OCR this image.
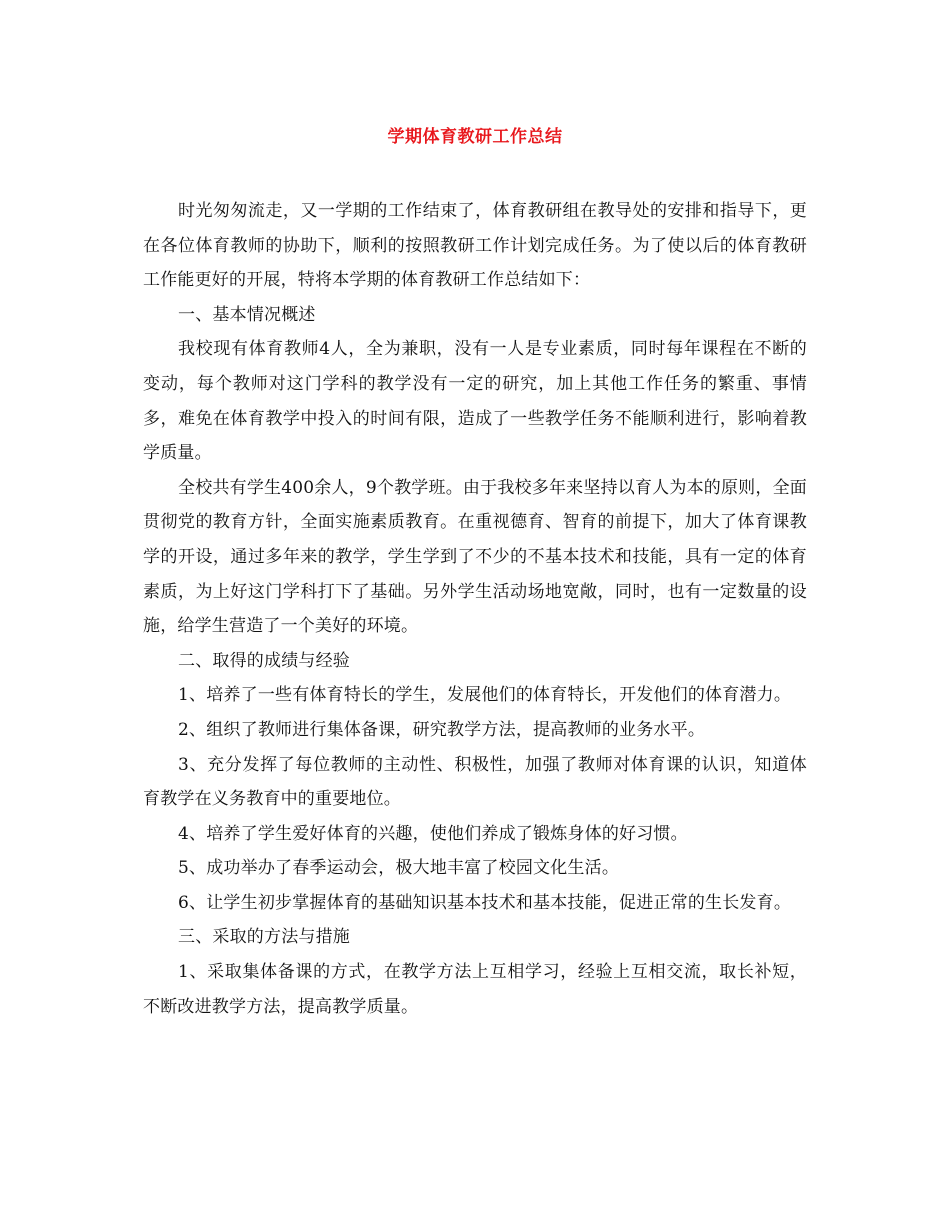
学期体育教研工作总结

时光匆匆流走，又一学期的工作结束了，体育教研组在教导处的安排和指导下，更在各位体育教师的协助下，顺利的按照教研工作计划完成任务。为了使以后的体育教研工作能更好的开展，特将本学期的体育教研工作总结如下：

一、基本情况概述

我校现有体育教师4人，全为兼职，没有一人是专业素质，同时每年课程在不断的变动，每个教师对这门学科的教学没有一定的研究，加上其他工作任务的繁重、事情多，难免在体育教学中投入的时间有限，造成了一些教学任务不能顺利进行，影响着教学质量。

全校共有学生400余人，9个教学班。由于我校多年来坚持以育人为本的原则，全面贯彻党的教育方针，全面实施素质教育。在重视德育、智育的前提下，加大了体育课教学的开设，通过多年来的教学，学生学到了不少的不基本技术和技能，具有一定的体育素质，为上好这门学科打下了基础。另外学生活动场地宽敞，同时，也有一定数量的设施，给学生营造了一个美好的环境。

二、取得的成绩与经验

1、培养了一些有体育特长的学生，发展他们的体育特长，开发他们的体育潜力。

2、组织了教师进行集体备课，研究教学方法，提高教师的业务水平。

3、充分发挥了每位教师的主动性、积极性，加强了教师对体育课的认识，知道体育教学在义务教育中的重要地位。

4、培养了学生爱好体育的兴趣，使他们养成了锻炼身体的好习惯。

5、成功举办了春季运动会，极大地丰富了校园文化生活。

6、让学生初步掌握体育的基础知识基本技术和基本技能，促进正常的生长发育。

三、采取的方法与措施

1、采取集体备课的方式，在教学方法上互相学习，经验上互相交流，取长补短，不断改进教学方法，提高教学质量。
